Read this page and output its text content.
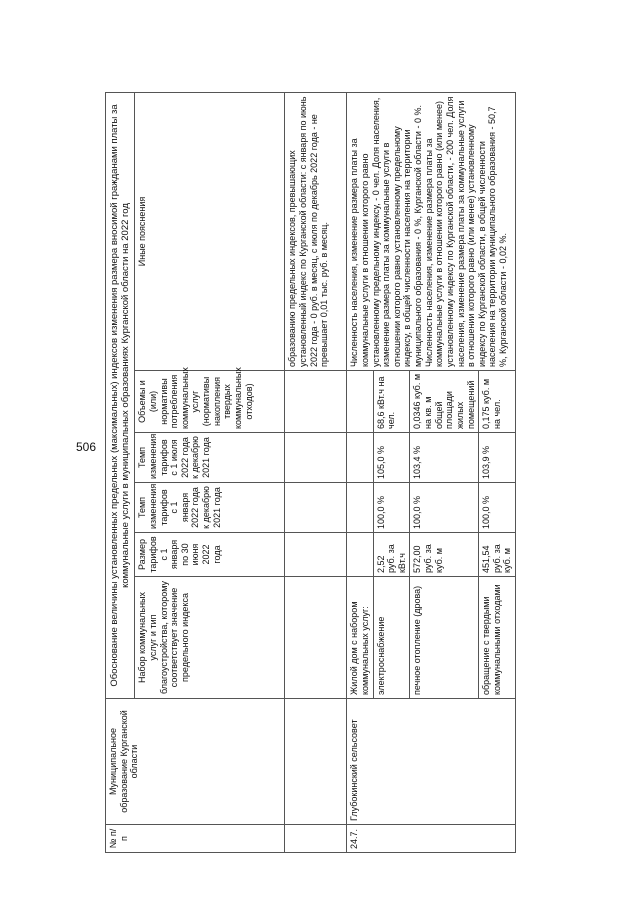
506
№ п/п	Муниципальное образование Курганской области	Обоснование величины установленных предельных (максимальных) индексов изменения размера вносимой гражданами платы за коммунальные услуги в муниципальных образованиях Курганской области на 2022 год					
		Набор коммунальных услуг и тип благоустройства, которому соответствует значение предельного индекса	Размер тарифов с 1 января по 30 июня 2022 года	Темп изменения тарифов с 1 января 2022 года к декабрю 2021 года	Темп изменения тарифов с 1 июля 2022 года к декабрю 2021 года	Объемы и (или) нормативы потребления коммунальных услуг (нормативы накопления твердых коммунальных отходов)	Иные пояснения
							образованию предельных индексов, превышающих установленный индекс по Курганской области: с января по июнь 2022 года - 0 руб. в месяц, с июля по декабрь 2022 года - не превышает 0,01 тыс. руб. в месяц.
24.7.	Глубокинский сельсовет	Жилой дом с набором коммунальных услуг:					Численность населения, изменение размера платы за коммунальные услуги в отношении которого равно установленному предельному индексу, - 0 чел. Доля населения, изменение размера платы за коммунальные услуги в отношении которого равно установленному предельному индексу, в общей численности населения на территории муниципального образования - 0 %, Курганской области - 0 %. Численность населения, изменение размера платы за коммунальные услуги в отношении которого равно (или менее) установленному индексу по Курганской области, - 200 чел. Доля населения, изменение размера платы за коммунальные услуги в отношении которого равно (или менее) установленному индексу по Курганской области, в общей численности населения на территории муниципального образования - 50,7 %, Курганской области - 0,02 %.
		электроснабжение	2,52 руб. за кВт.ч	100,0 %	105,0 %	68,6 кВт.ч на чел.	
		печное отопление (дрова)	572,00 руб. за куб. м	100,0 %	103,4 %	0,0346 куб. м на кв. м общей площади жилых помещений	
		обращение с твердыми коммунальными отходами	451,54 руб. за куб. м	100,0 %	103,9 %	0,175 куб. м на чел.	
